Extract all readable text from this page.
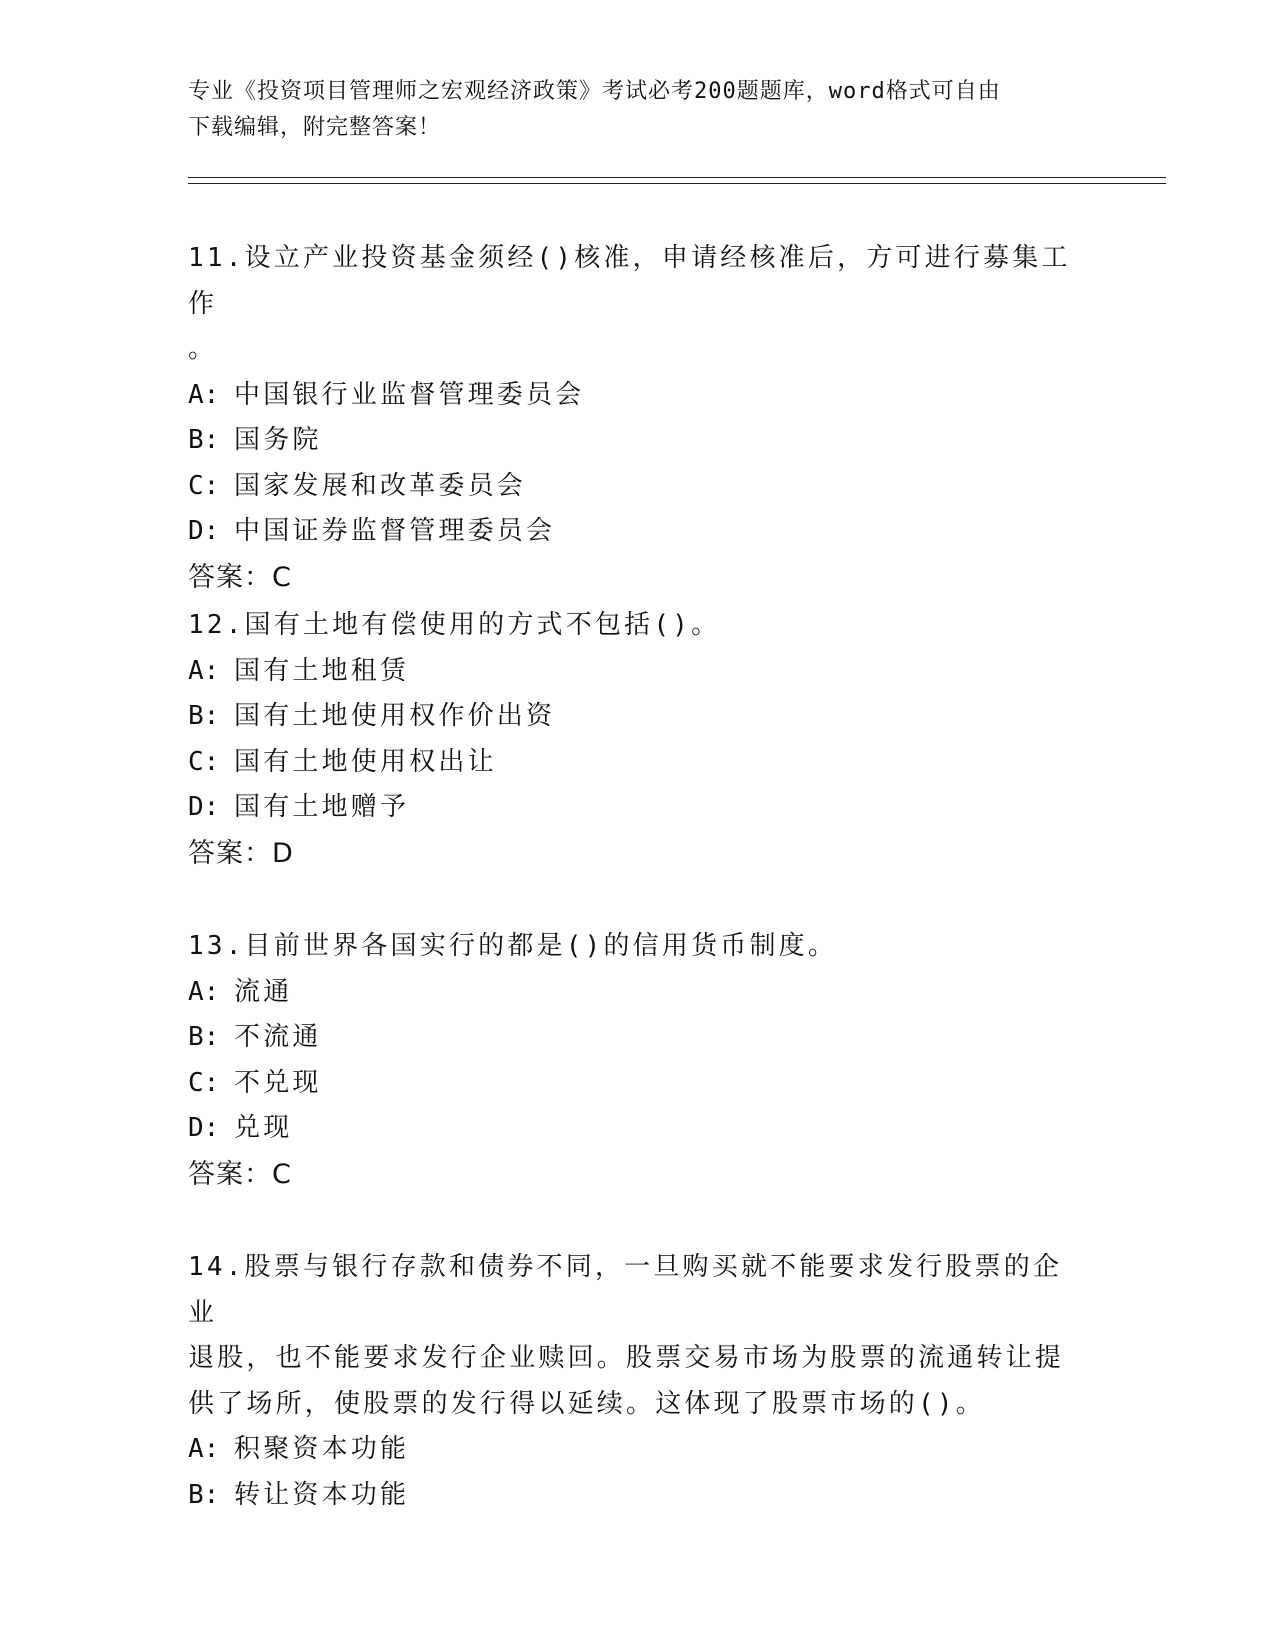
专业《投资项目管理师之宏观经济政策》考试必考200题题库，word格式可自由
下载编辑，附完整答案！

11.设立产业投资基金须经()核准，申请经核准后，方可进行募集工作

。

A: 中国银行业监督管理委员会

B: 国务院

C: 国家发展和改革委员会

D: 中国证券监督管理委员会

答案：C

12.国有土地有偿使用的方式不包括()。

A: 国有土地租赁

B: 国有土地使用权作价出资

C: 国有土地使用权出让

D: 国有土地赠予

答案：D

13.目前世界各国实行的都是()的信用货币制度。

A: 流通

B: 不流通

C: 不兑现

D: 兑现

答案：C

14.股票与银行存款和债券不同，一旦购买就不能要求发行股票的企业

退股，也不能要求发行企业赎回。股票交易市场为股票的流通转让提

供了场所，使股票的发行得以延续。这体现了股票市场的()。

A: 积聚资本功能

B: 转让资本功能
